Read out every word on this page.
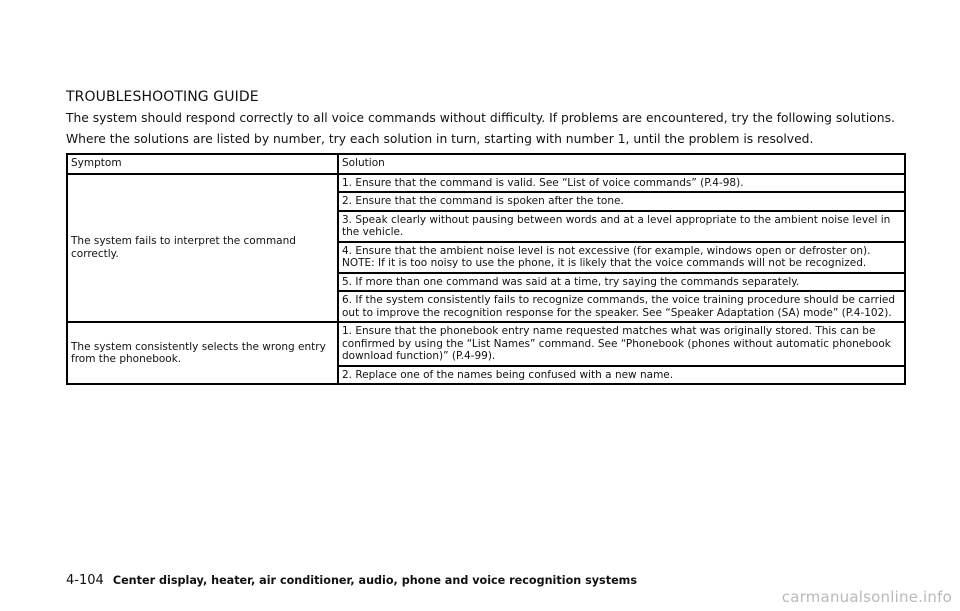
TROUBLESHOOTING GUIDE
The system should respond correctly to all voice commands without difficulty. If problems are encountered, try the following solutions.
Where the solutions are listed by number, try each solution in turn, starting with number 1, until the problem is resolved.
Symptom	Solution
The system fails to interpret the command correctly.	1. Ensure that the command is valid. See “List of voice commands” (P.4-98).
	2. Ensure that the command is spoken after the tone.
	3. Speak clearly without pausing between words and at a level appropriate to the ambient noise level in the vehicle.
	4. Ensure that the ambient noise level is not excessive (for example, windows open or defroster on). NOTE: If it is too noisy to use the phone, it is likely that the voice commands will not be recognized.
	5. If more than one command was said at a time, try saying the commands separately.
	6. If the system consistently fails to recognize commands, the voice training procedure should be carried out to improve the recognition response for the speaker. See “Speaker Adaptation (SA) mode” (P.4-102).
The system consistently selects the wrong entry from the phonebook.	1. Ensure that the phonebook entry name requested matches what was originally stored. This can be confirmed by using the “List Names” command. See “Phonebook (phones without automatic phonebook download function)” (P.4-99).
	2. Replace one of the names being confused with a new name.
4-104 Center display, heater, air conditioner, audio, phone and voice recognition systems
carmanualsonline.info
